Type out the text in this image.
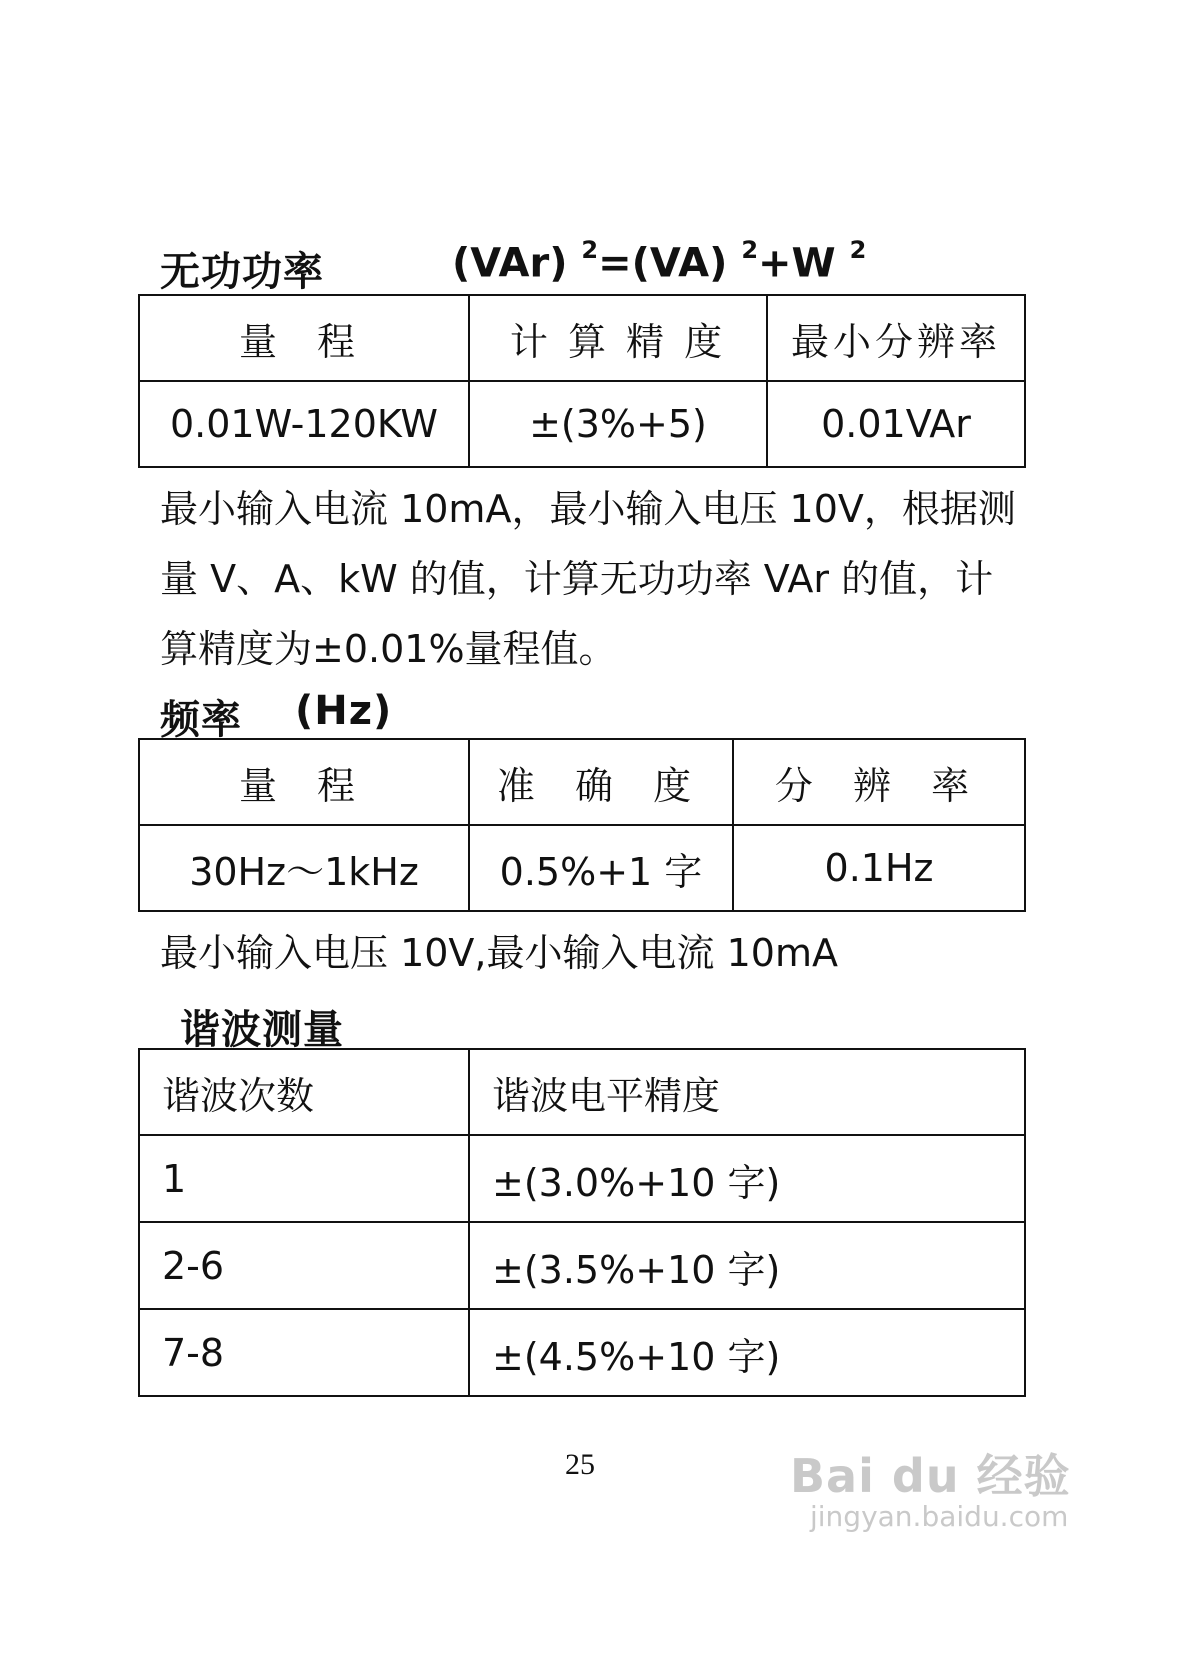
无功功率	(VAr) $^2$=(VA) $^2$+W $^2$
量 程	计 算 精 度	最小分辨率
0.01W-120KW	±(3%+5)	0.01VAr
最小输入电流 10mA，最小输入电压 10V，根据测
量 V、A、kW 的值，计算无功功率 VAr 的值，计
算精度为±0.01%量程值。
频率 (Hz)
量 程	准 确 度	分 辨 率
30Hz～1kHz	0.5%+1 字	0.1Hz
最小输入电压 10V,最小输入电流 10mA
谐波测量
谐波次数	谐波电平精度
1	±(3.0%+10 字)
2-6	±(3.5%+10 字)
7-8	±(4.5%+10 字)
25	Bai du 经验
jingyan.baidu.com
